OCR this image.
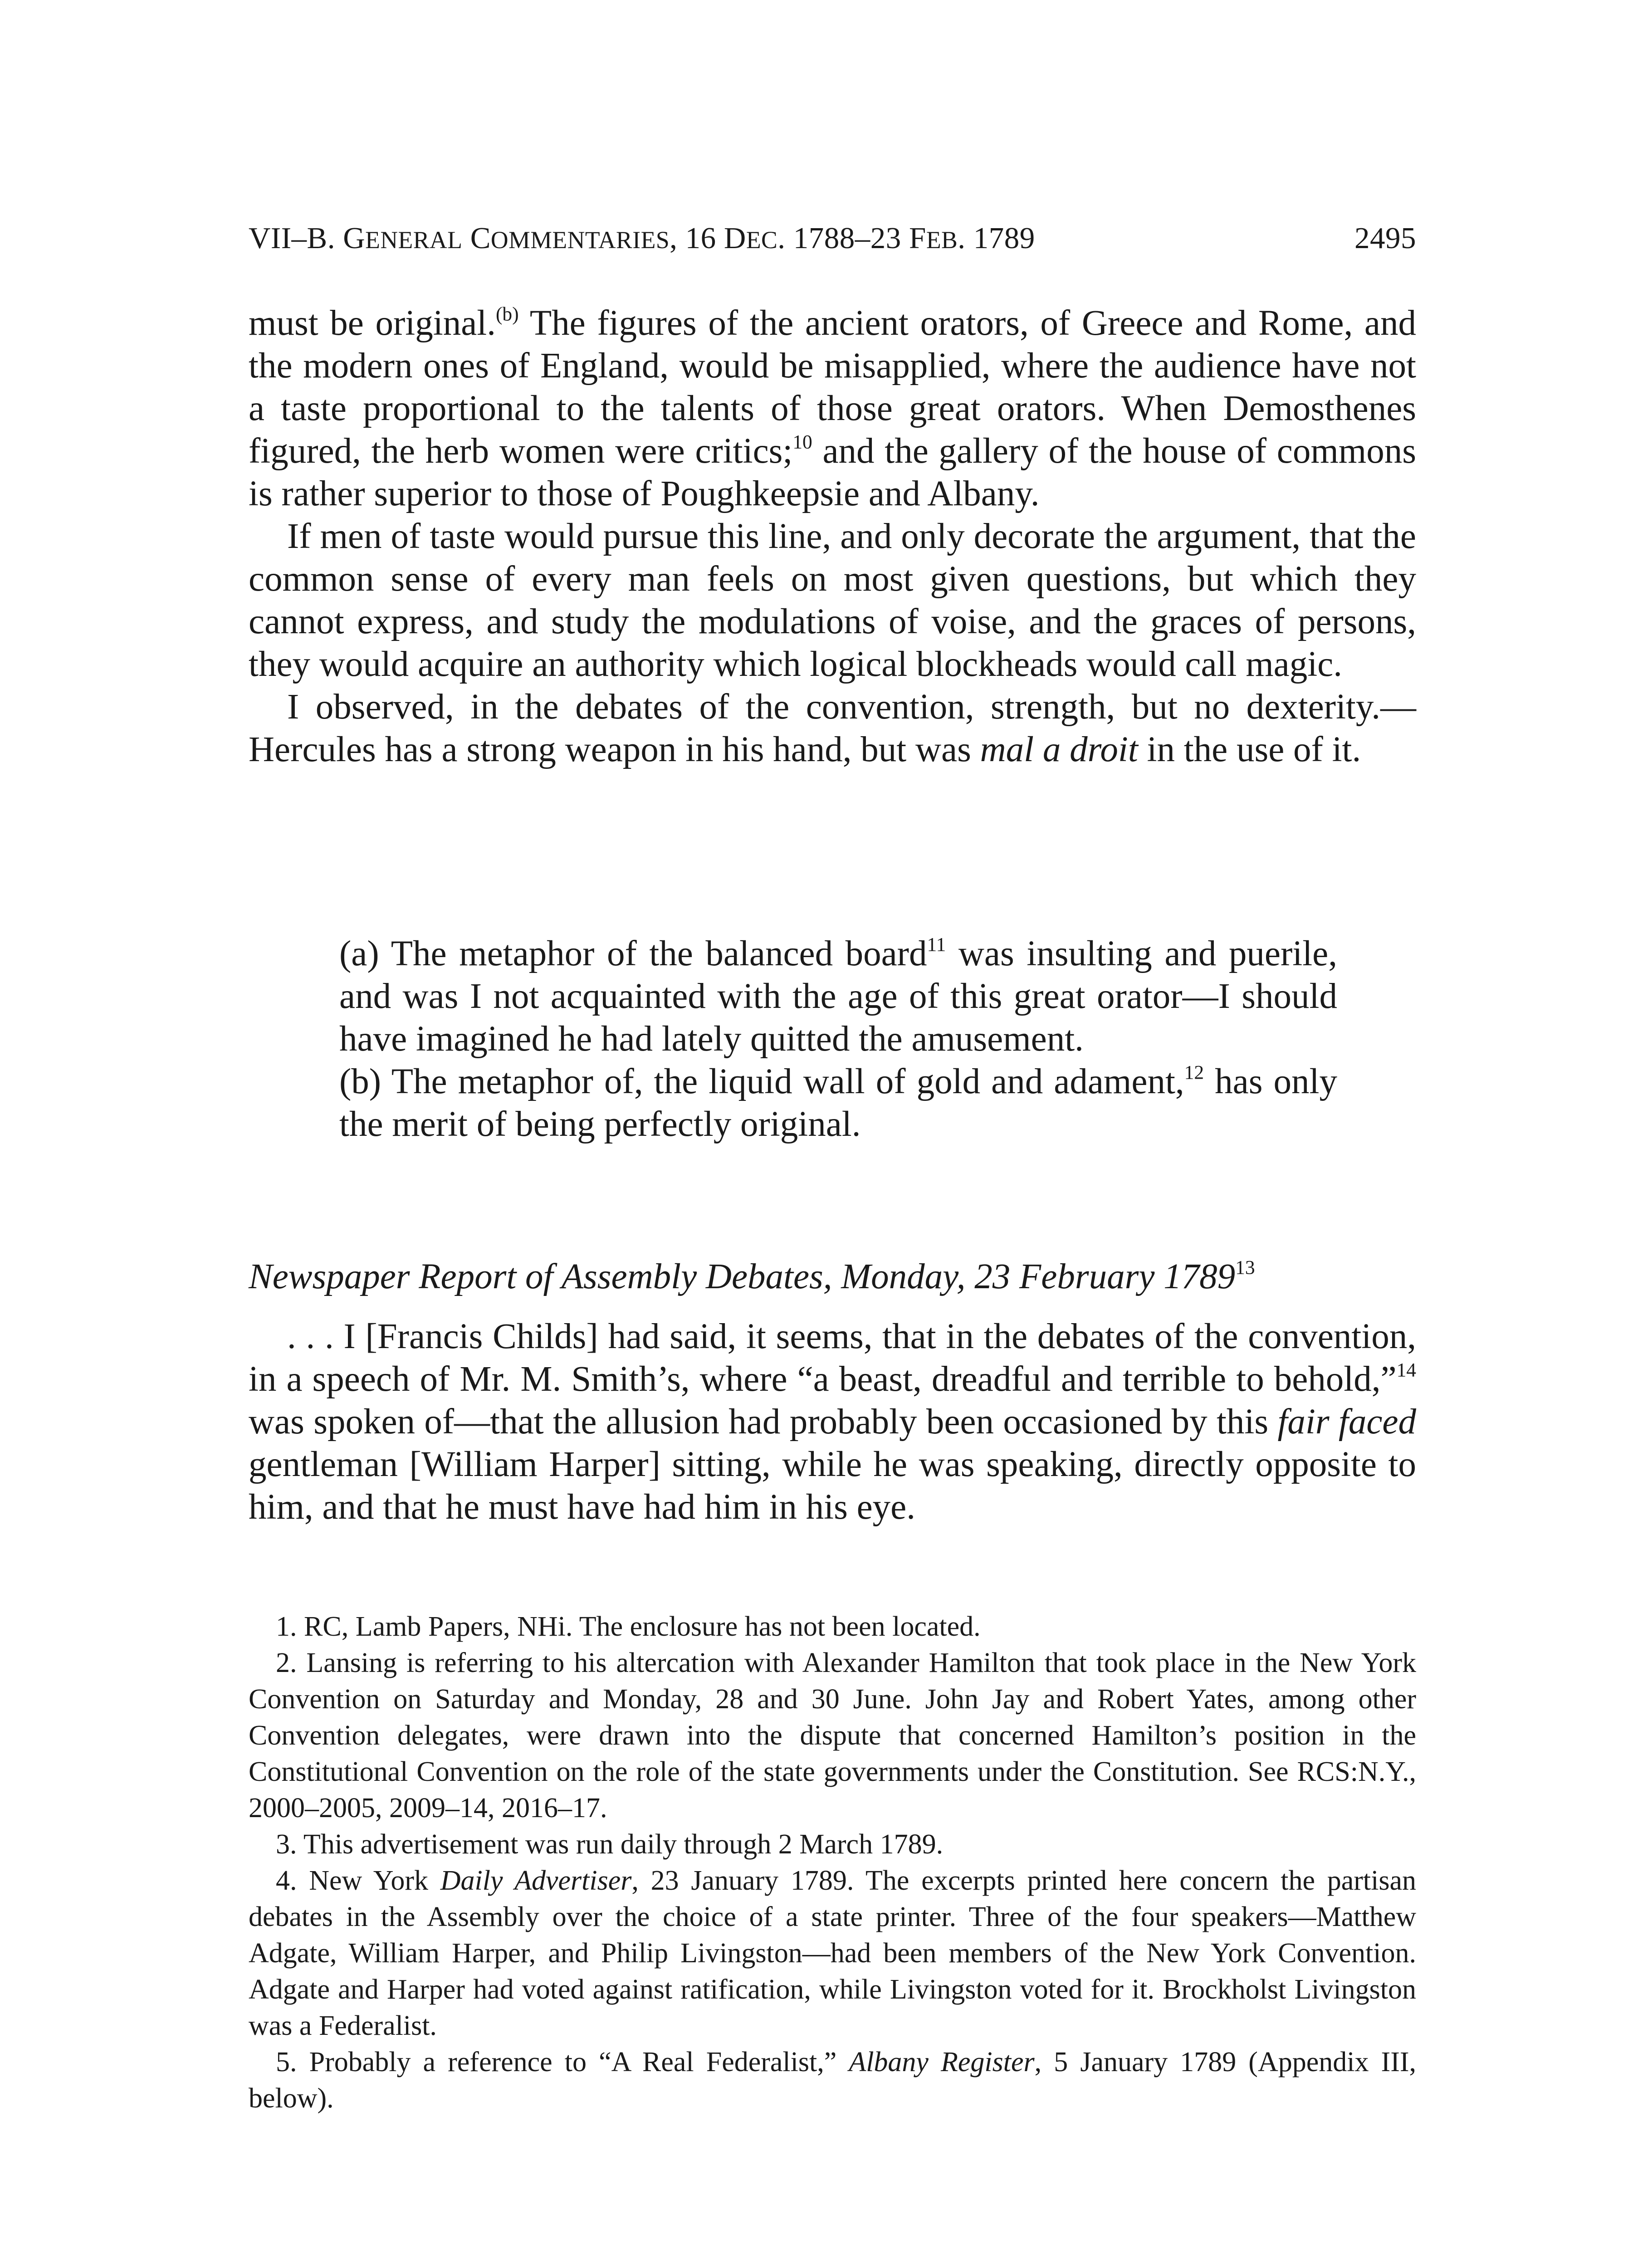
VII–B. GENERAL COMMENTARIES, 16 DEC. 1788–23 FEB. 1789	2495

must be original.$^{(b)}$ The figures of the ancient orators, of Greece and Rome, and the modern ones of England, would be misapplied, where the audience have not a taste proportional to the talents of those great orators. When Demosthenes figured, the herb women were critics;$^{10}$ and the gallery of the house of commons is rather superior to those of Poughkeepsie and Albany.

If men of taste would pursue this line, and only decorate the argument, that the common sense of every man feels on most given questions, but which they cannot express, and study the modulations of voise, and the graces of persons, they would acquire an authority which logical blockheads would call magic.

I observed, in the debates of the convention, strength, but no dexterity.—Hercules has a strong weapon in his hand, but was mal a droit in the use of it.

(a) The metaphor of the balanced board$^{11}$ was insulting and puerile, and was I not acquainted with the age of this great orator—I should have imagined he had lately quitted the amusement.

(b) The metaphor of, the liquid wall of gold and adament,$^{12}$ has only the merit of being perfectly original.

Newspaper Report of Assembly Debates, Monday, 23 February 1789$^{13}$

. . . I [Francis Childs] had said, it seems, that in the debates of the convention, in a speech of Mr. M. Smith’s, where “a beast, dreadful and terrible to behold,”$^{14}$ was spoken of—that the allusion had probably been occasioned by this fair faced gentleman [William Harper] sitting, while he was speaking, directly opposite to him, and that he must have had him in his eye.

1. RC, Lamb Papers, NHi. The enclosure has not been located.

2. Lansing is referring to his altercation with Alexander Hamilton that took place in the New York Convention on Saturday and Monday, 28 and 30 June. John Jay and Robert Yates, among other Convention delegates, were drawn into the dispute that concerned Hamilton’s position in the Constitutional Convention on the role of the state governments under the Constitution. See RCS:N.Y., 2000–2005, 2009–14, 2016–17.

3. This advertisement was run daily through 2 March 1789.

4. New York Daily Advertiser, 23 January 1789. The excerpts printed here concern the partisan debates in the Assembly over the choice of a state printer. Three of the four speakers—Matthew Adgate, William Harper, and Philip Livingston—had been members of the New York Convention. Adgate and Harper had voted against ratification, while Livingston voted for it. Brockholst Livingston was a Federalist.

5. Probably a reference to “A Real Federalist,” Albany Register, 5 January 1789 (Appendix III, below).
